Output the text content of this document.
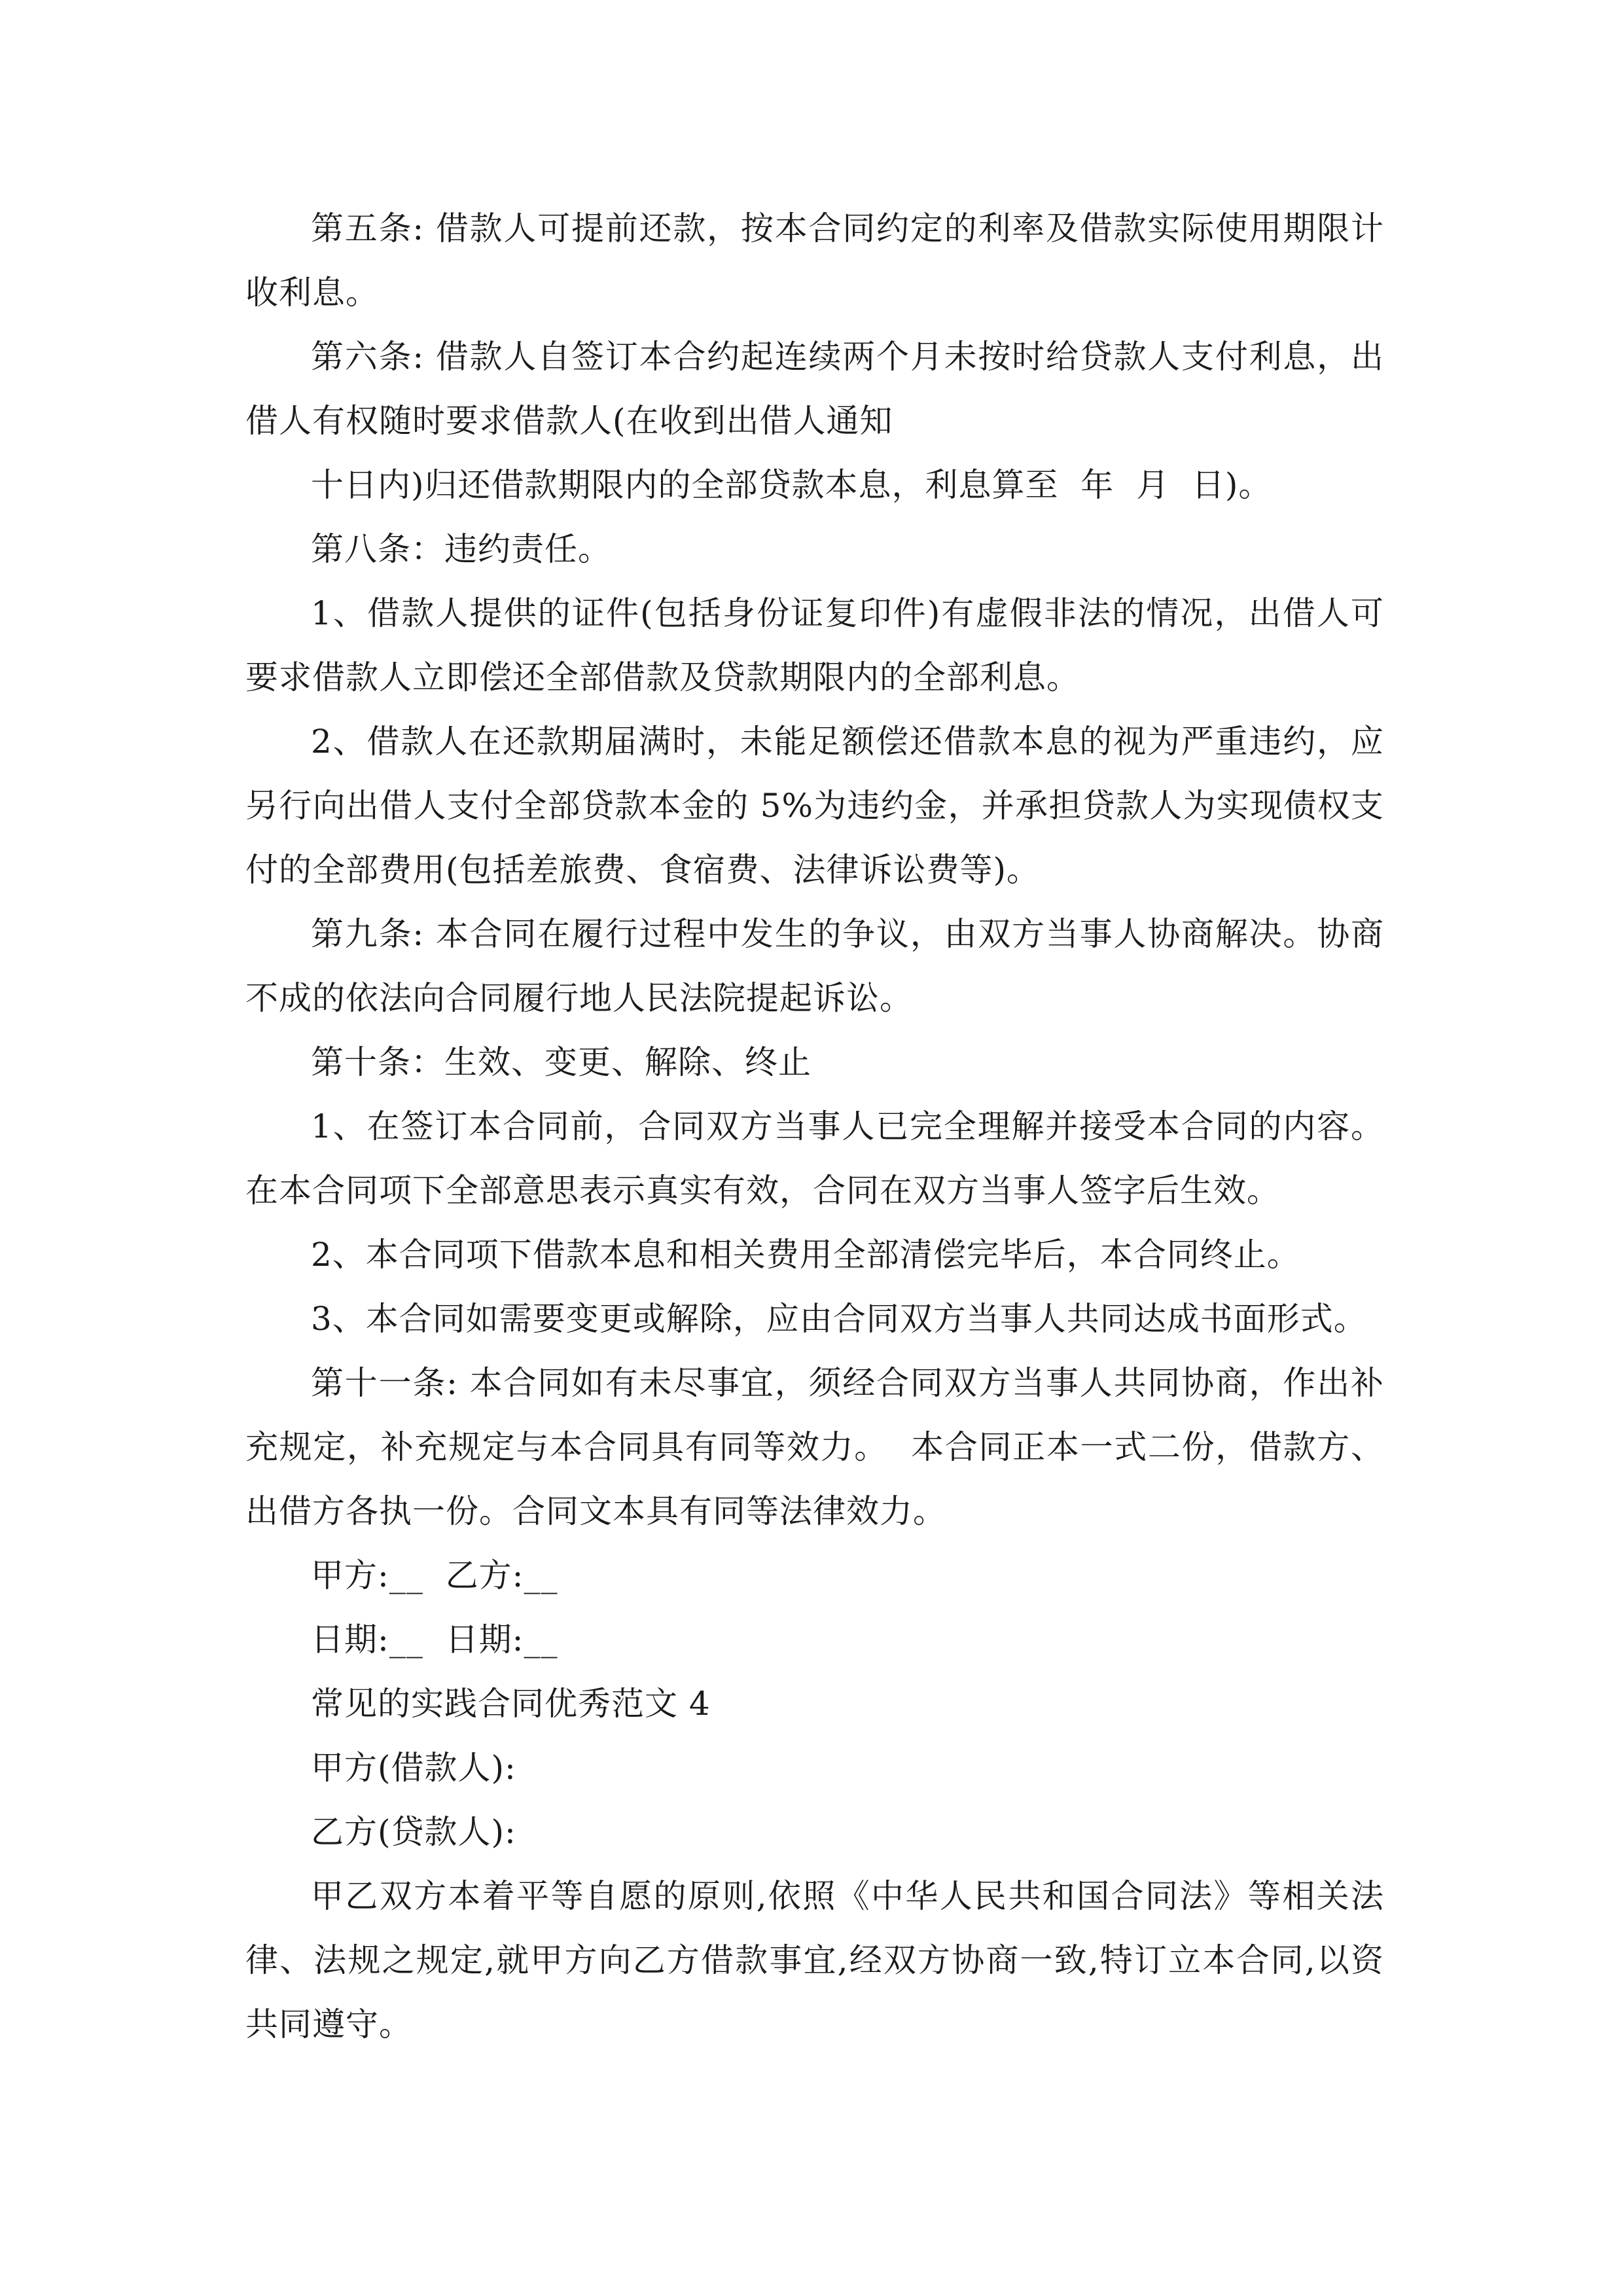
第五条: 借款人可提前还款，按本合同约定的利率及借款实际使用期限计收利息。

第六条: 借款人自签订本合约起连续两个月未按时给贷款人支付利息，出借人有权随时要求借款人(在收到出借人通知

十日内)归还借款期限内的全部贷款本息，利息算至  年  月  日)。

第八条：违约责任。

1、借款人提供的证件(包括身份证复印件)有虚假非法的情况，出借人可要求借款人立即偿还全部借款及贷款期限内的全部利息。

2、借款人在还款期届满时，未能足额偿还借款本息的视为严重违约，应另行向出借人支付全部贷款本金的 5%为违约金，并承担贷款人为实现债权支付的全部费用(包括差旅费、食宿费、法律诉讼费等)。

第九条: 本合同在履行过程中发生的争议，由双方当事人协商解决。协商不成的依法向合同履行地人民法院提起诉讼。

第十条：生效、变更、解除、终止

1、在签订本合同前，合同双方当事人已完全理解并接受本合同的内容。在本合同项下全部意思表示真实有效，合同在双方当事人签字后生效。

2、本合同项下借款本息和相关费用全部清偿完毕后，本合同终止。

3、本合同如需要变更或解除，应由合同双方当事人共同达成书面形式。

第十一条: 本合同如有未尽事宜，须经合同双方当事人共同协商，作出补充规定，补充规定与本合同具有同等效力。  本合同正本一式二份，借款方、出借方各执一份。合同文本具有同等法律效力。

甲方:__  乙方:__

日期:__  日期:__

常见的实践合同优秀范文 4

甲方(借款人):

乙方(贷款人):

甲乙双方本着平等自愿的原则,依照《中华人民共和国合同法》等相关法律、法规之规定,就甲方向乙方借款事宜,经双方协商一致,特订立本合同,以资共同遵守。
